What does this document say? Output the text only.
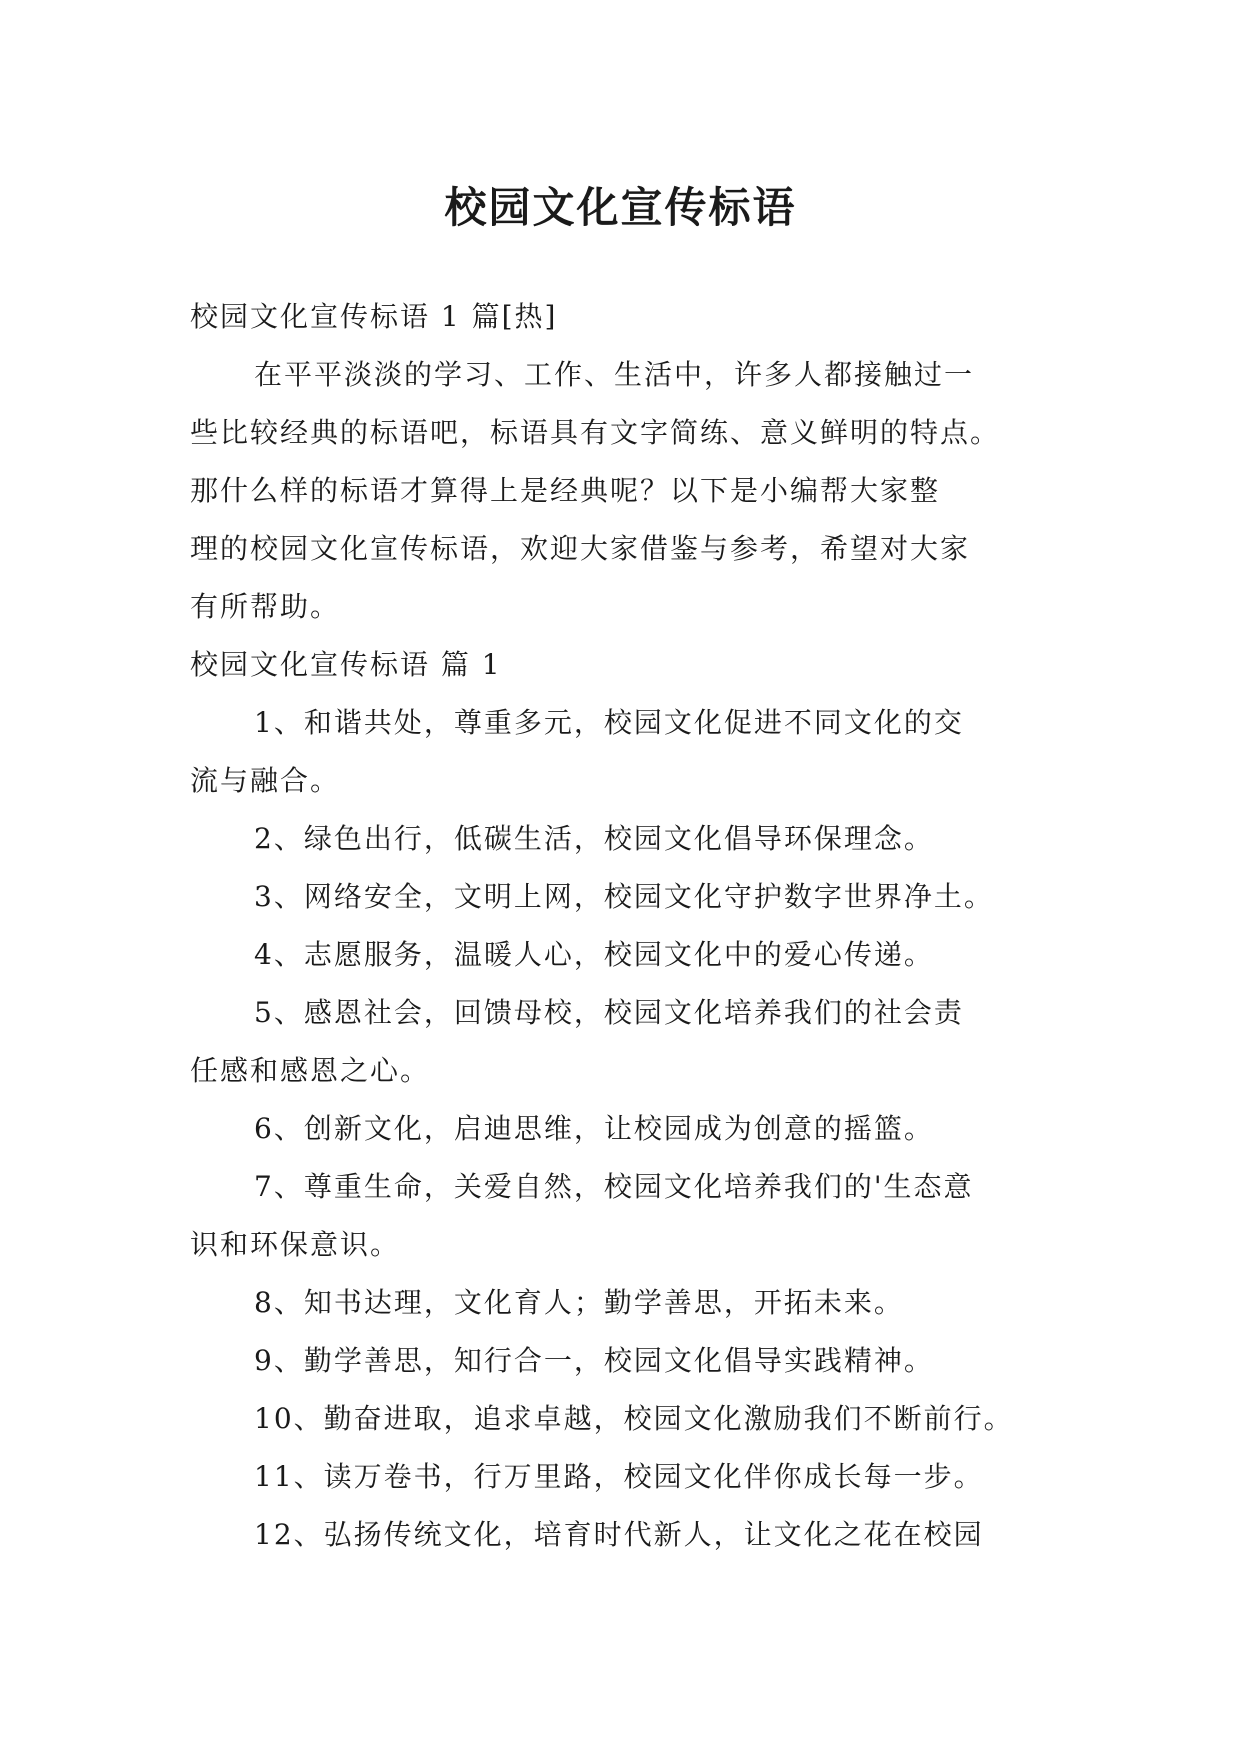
校园文化宣传标语

校园文化宣传标语 1 篇[热]

在平平淡淡的学习、工作、生活中，许多人都接触过一

些比较经典的标语吧，标语具有文字简练、意义鲜明的特点。

那什么样的标语才算得上是经典呢？以下是小编帮大家整

理的校园文化宣传标语，欢迎大家借鉴与参考，希望对大家

有所帮助。

校园文化宣传标语 篇 1

1、和谐共处，尊重多元，校园文化促进不同文化的交

流与融合。

2、绿色出行，低碳生活，校园文化倡导环保理念。

3、网络安全，文明上网，校园文化守护数字世界净土。

4、志愿服务，温暖人心，校园文化中的爱心传递。

5、感恩社会，回馈母校，校园文化培养我们的社会责

任感和感恩之心。

6、创新文化，启迪思维，让校园成为创意的摇篮。

7、尊重生命，关爱自然，校园文化培养我们的'生态意

识和环保意识。

8、知书达理，文化育人；勤学善思，开拓未来。

9、勤学善思，知行合一，校园文化倡导实践精神。

10、勤奋进取，追求卓越，校园文化激励我们不断前行。

11、读万卷书，行万里路，校园文化伴你成长每一步。

12、弘扬传统文化，培育时代新人，让文化之花在校园
